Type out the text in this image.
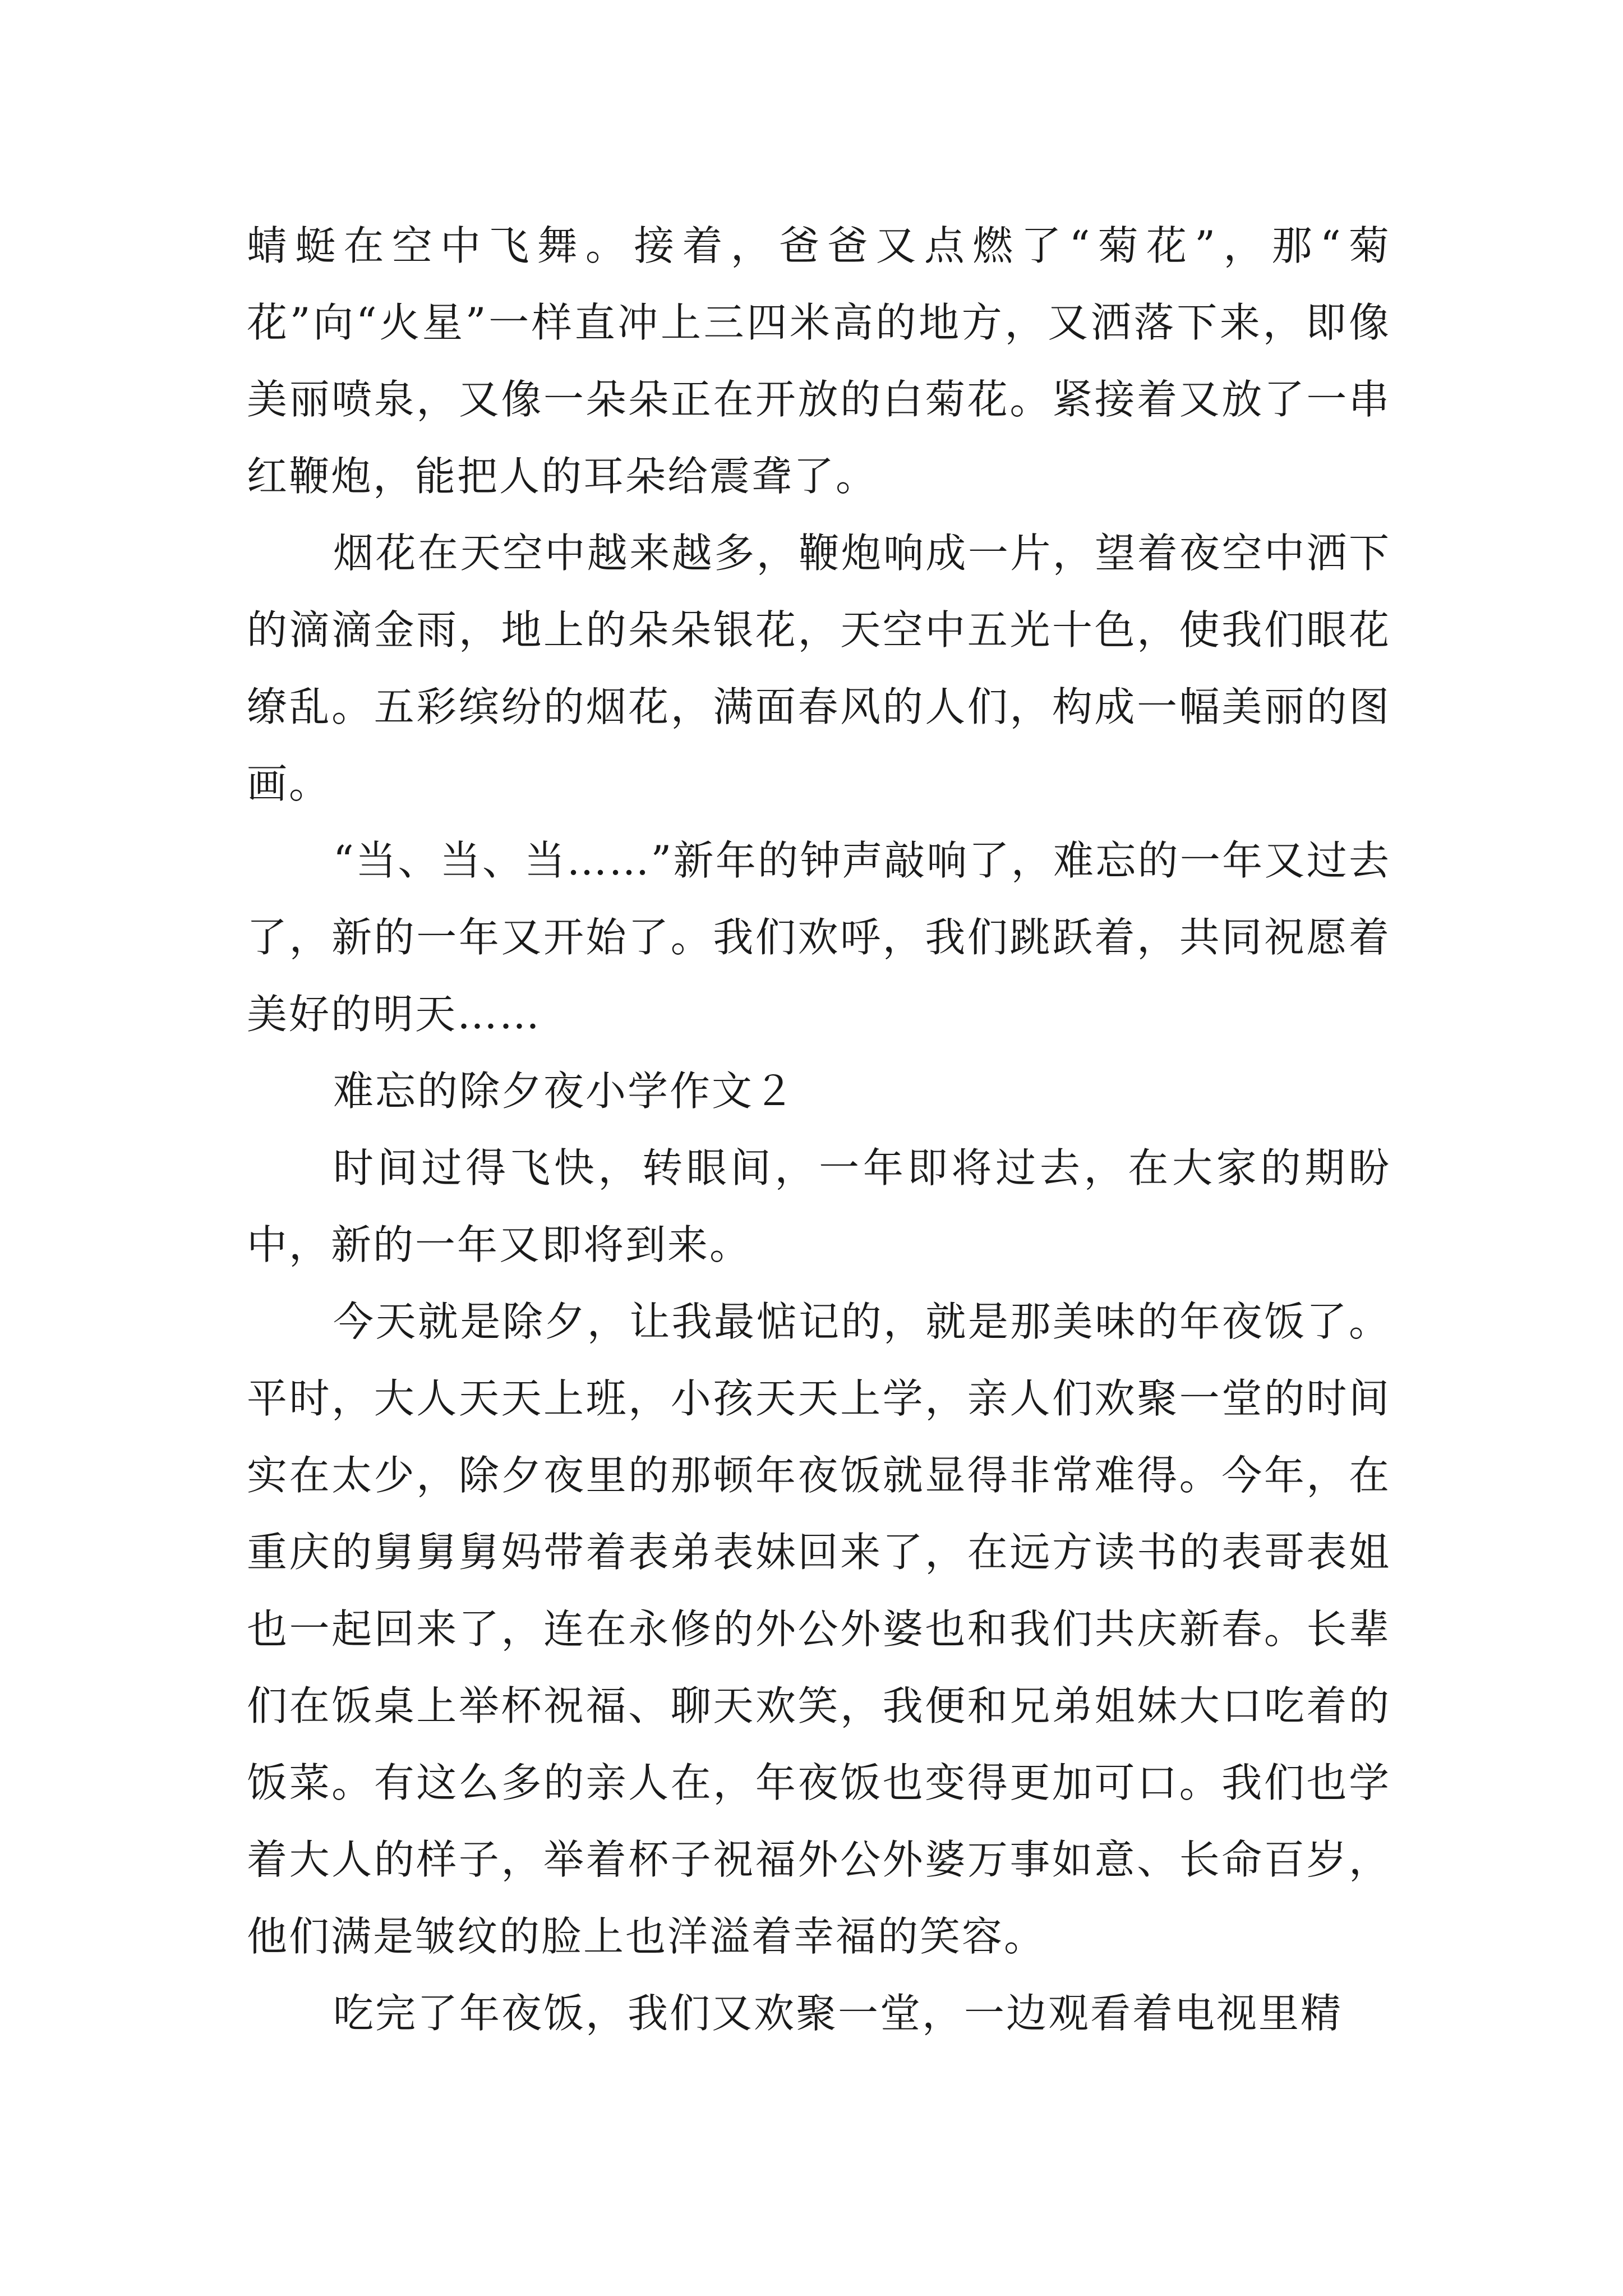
蜻蜓在空中飞舞。接着，爸爸又点燃了“菊花”，那“菊花”向“火星”一样直冲上三四米高的地方，又洒落下来，即像美丽喷泉，又像一朵朵正在开放的白菊花。紧接着又放了一串红鞭炮，能把人的耳朵给震聋了。

烟花在天空中越来越多，鞭炮响成一片，望着夜空中洒下的滴滴金雨，地上的朵朵银花，天空中五光十色，使我们眼花缭乱。五彩缤纷的烟花，满面春风的人们，构成一幅美丽的图画。

“当、当、当……”新年的钟声敲响了，难忘的一年又过去了，新的一年又开始了。我们欢呼，我们跳跃着，共同祝愿着美好的明天……

难忘的除夕夜小学作文２

时间过得飞快，转眼间，一年即将过去，在大家的期盼中，新的一年又即将到来。

今天就是除夕，让我最惦记的，就是那美味的年夜饭了。平时，大人天天上班，小孩天天上学，亲人们欢聚一堂的时间实在太少，除夕夜里的那顿年夜饭就显得非常难得。今年，在重庆的舅舅舅妈带着表弟表妹回来了，在远方读书的表哥表姐也一起回来了，连在永修的外公外婆也和我们共庆新春。长辈们在饭桌上举杯祝福、聊天欢笑，我便和兄弟姐妹大口吃着的饭菜。有这么多的亲人在，年夜饭也变得更加可口。我们也学着大人的样子，举着杯子祝福外公外婆万事如意、长命百岁，他们满是皱纹的脸上也洋溢着幸福的笑容。

吃完了年夜饭，我们又欢聚一堂，一边观看着电视里精
